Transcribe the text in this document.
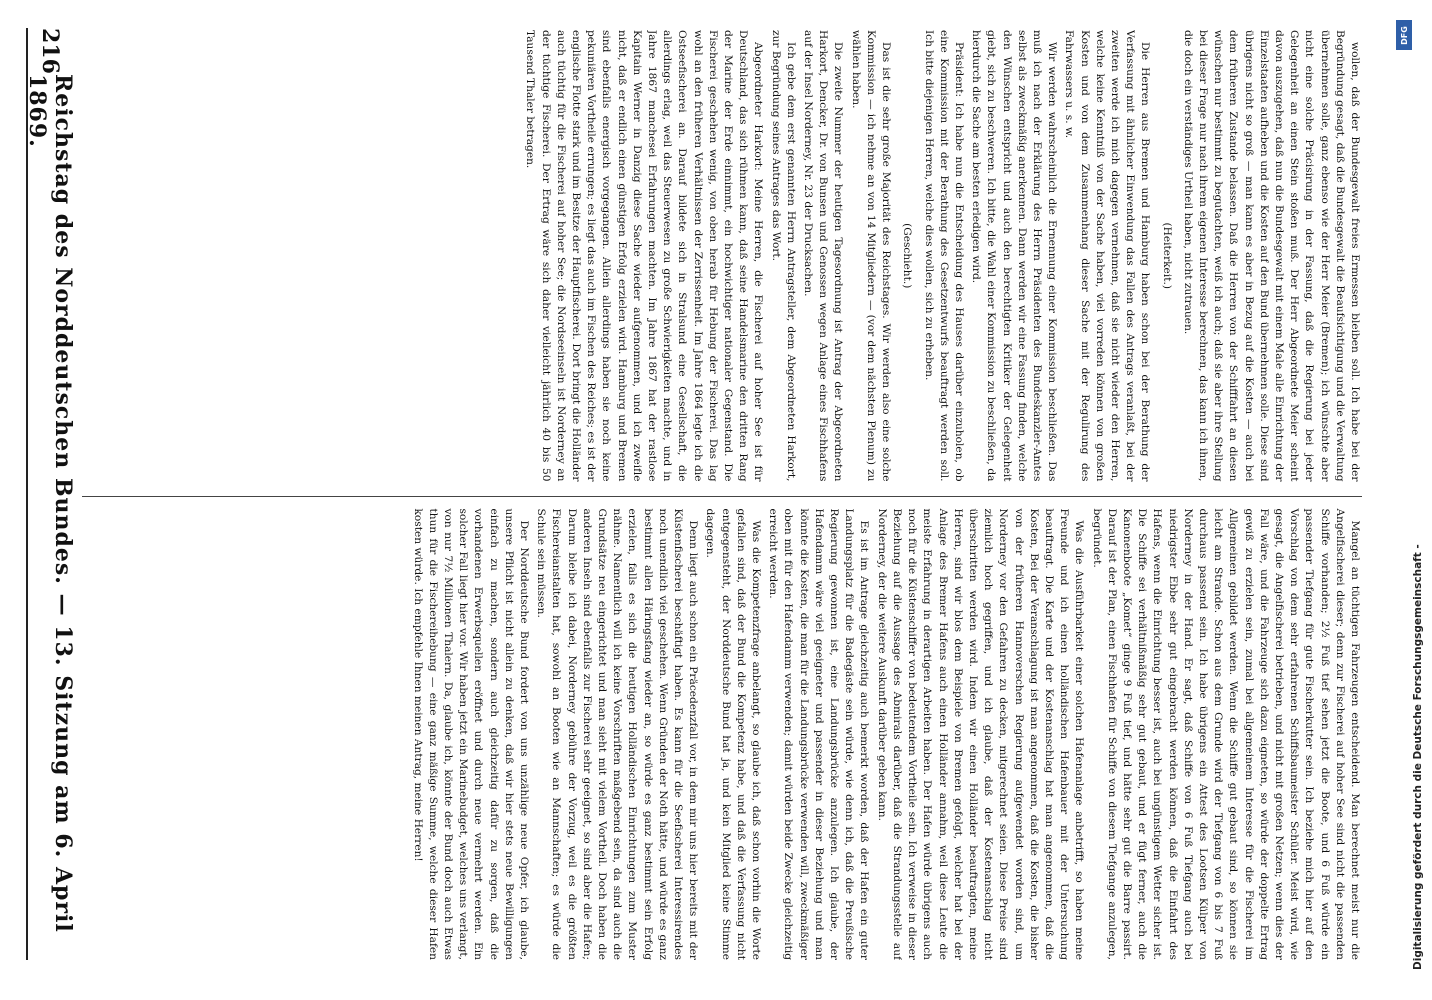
216
Reichstag des Norddeutschen Bundes. — 13. Sitzung am 6. April 1869.	wollen, daß der Bundesgewalt freies Ermessen bleiben soll. Ich habe bei der Begründung gesagt, daß die Bundesgewalt die Beaufsichtigung und die Verwaltung übernehmen solle, ganz ebenso wie der Herr Meier (Bremen); ich wünschte aber nicht eine solche Präcisirung in der Fassung, daß die Regierung bei jeder Gelegenheit an einen Stein stoßen muß. Der Herr Abgeordnete Meier scheint davon auszugehen, daß nun die Bundesgewalt mit einem Male alle Einrichtung der Einzelstaaten aufheben und die Kosten auf den Bund übernehmen solle. Diese sind übrigens nicht so groß — man kann es aber in Bezug auf die Kosten — auch bei dem früheren Zustande belassen. Daß die Herren von der Schifffahrt an diesen wünschen nur bestimmt zu begutachten, weiß ich auch; daß sie aber ihre Stellung bei dieser Frage nur nach ihrem eigenen Interesse berechnen, das kann ich ihnen, die doch ein verständiges Urtheil haben, nicht zutrauen.

(Heiterkeit.)

Die Herren aus Bremen und Hamburg haben schon bei der Berathung der Verfassung mit ähnlicher Einwendung das Fallen des Antrags veranlaßt, bei der zweiten werde ich mich dagegen vernehmen, daß sie nicht wieder den Herren, welche keine Kenntniß von der Sache haben, viel vorreden können von großen Kosten und von dem Zusammenhang dieser Sache mit der Regulirung des Fahrwassers u. s. w.

Wir werden wahrscheinlich die Ernennung einer Kommission beschließen. Das muß ich nach der Erklärung des Herrn Präsidenten des Bundeskanzler-Amtes selbst als zweckmäßig anerkennen. Dann werden wir eine Fassung finden, welche den Wünschen entspricht und auch den berechtigten Kritiker der Gelegenheit giebt, sich zu beschweren. Ich bitte, die Wahl einer Kommission zu beschließen, da hierdurch die Sache am besten erledigen wird.

Präsident: Ich habe nun die Entscheidung des Hauses darüber einzuholen, ob eine Kommission mit der Berathung des Gesetzentwurfs beauftragt werden soll. Ich bitte diejenigen Herren, welche dies wollen, sich zu erheben.

(Geschieht.)

Das ist die sehr große Majorität des Reichstages. Wir werden also eine solche Kommission — ich nehme an von 14 Mitgliedern — (vor dem nächsten Plenum) zu wählen haben.

Die zweite Nummer der heutigen Tagesordnung ist Antrag der Abgeordneten Harkort, Dencker, Dr. von Bunsen und Genossen wegen Anlage eines Fischhafens auf der Insel Norderney, Nr. 23 der Drucksachen.

Ich gebe dem erst genannten Herrn Antragsteller, dem Abgeordneten Harkort, zur Begründung seines Antrages das Wort.

Abgeordneter Harkort: Meine Herren, die Fischerei auf hoher See ist für Deutschland, das sich rühmen kann, daß seine Handelsmarine den dritten Rang der Marine der Erde einnimmt, ein hochwichtiger nationaler Gegenstand. Die Fischerei geschehen wenig, von oben herab für Hebung der Fischerei. Das lag wohl an den früheren Verhältnissen der Zerrissenheit. Im Jahre 1864 legte ich die Ostseefischerei an. Darauf bildete sich in Stralsund eine Gesellschaft, die allerdings erlag, weil das Steuerwesen zu große Schwierigkeiten machte, und in Jahre 1867 manchesei Erfahrungen machten. Im Jahre 1867 hat der rastlose Kapitain Werner in Danzig diese Sache wieder aufgenommen, und ich zweifle nicht, daß er endlich einen günstigen Erfolg erzielen wird. Hamburg und Bremen sind ebenfalls energisch vorgegangen. Allein allerdings haben sie noch keine pekuniären Vortheile errungen; es liegt das auch im Fischen des Reiches; es ist der englische Flotte stark und im Besitze der Hauptfischerei. Dort bringt die Holländer auch tüchtig für die Fischerei auf hoher See; die Nordseeinseln ist Norderney an der tüchtige Fischerei. Der Ertrag wäre sich daher vielleicht jährlich 40 bis 50 Tausend Thaler betragen.

Mangel an tüchtigen Fahrzeugen entscheidend. Man berechnet meist nur die Angelfischerei dieser; denn zur Fischerei auf hoher See sind nicht die passenden Schiffe vorhanden; 2½ Fuß tief sehen jetzt die Boote, und 6 Fuß würde ein passender Tiefgang für gute Fischerkutter sein. Ich beziehe mich hier auf den Vorschlag von dem sehr erfahrenen Schiffsbaumeister Schüler. Meist wird, wie gesagt, die Angelfischerei betrieben, und nicht mit großen Netzen; wenn dies der Fall wäre, und die Fahrzeuge sich dazu eigneten, so würde der doppelte Ertrag gewiß zu erzielen sein, zumal bei allgemeinem Interesse für die Fischerei im Allgemeinen gebildet werden. Wenn die Schiffe gut gebaut sind, so können sie leicht am Strande. Schon aus dem Grunde wird der Tiefgang von 6 bis 7 Fuß durchaus passend sein. Ich habe übrigens ein Attest des Lootsen Külper von Norderney in der Hand. Er sagt, daß Schiffe von 6 Fuß Tiefgang auch bei niedrigster Ebbe sehr gut eingebracht werden können, daß die Einfahrt des Hafens, wenn die Einrichtung besser ist, auch bei ungünstigem Wetter sicher ist. Die Schiffe sei verhältnißmäßig sehr gut gebaut, und er fügt ferner, auch die Kanonenboote „Komet“ ginge 9 Fuß tief, und hätte sehr gut die Barre passirt. Darauf ist der Plan, einen Fischhafen für Schiffe von diesem Tiefgange anzulegen, begründet.

Was die Ausführbarkeit einer solchen Hafenanlage anbetrifft, so haben meine Freunde und ich einen holländischen Hafenbauer mit der Untersuchung beauftragt. Die Karte und der Kostenanschlag hat man angenommen, daß die Kosten, Bei der Veranschlagung ist man angenommen, daß die Kosten, die bisher von der früheren Hannoverschen Regierung aufgewendet worden sind, um Norderney vor den Gefahren zu decken, mitgerechnet seien. Diese Preise sind ziemlich hoch gegriffen, und ich glaube, daß der Kostenanschlag nicht überschritten werden wird. Indem wir einen Holländer beauftragten, meine Herren, sind wir blos dem Beispiele von Bremen gefolgt, welcher hat bei der Anlage des Bremer Hafens auch einen Holländer annahm, weil diese Leute die meiste Erfahrung in derartigen Arbeiten haben. Der Hafen würde übrigens auch noch für die Küstenschiffer von bedeutendem Vortheile sein. Ich verweise in dieser Beziehung auf die Aussage des Abmirals darüber, daß die Strandungsstelle auf Norderney, der die weitere Auskunft darüber geben kann.

Es ist im Antrage gleichzeitig auch bemerkt worden, daß der Hafen ein guter Landungsplatz für die Badegäste sein würde, wie denn ich, daß die Preußische Regierung gewonnen ist, eine Landungsbrücke anzulegen. Ich glaube, der Hafendamm wäre viel geeigneter und passender in dieser Beziehung und man könnte die Kosten, die man für die Landungsbrücke verwenden will, zweckmäßiger oben mit für den Hafendamm verwenden; damit würden beide Zwecke gleichzeitig erreicht werden.

Was die Kompetenzfrage anbelangt, so glaube ich, daß schon vorhin die Worte gefallen sind, daß der Bund die Kompetenz habe, und daß die Verfassung nicht entgegensteht, der Norddeutsche Bund hat ja, und kein Mitglied keine Stimme dagegen.

Denn liegt auch schon ein Präcedenzfall vor, in dem mir uns hier bereits mit der Küstenfischerei beschäftigt haben. Es kann für die Seefischerei Interessirendes noch unendlich viel geschehen. Wenn Gründen der Noth hätte, und würde es ganz bestimmt allen Häringsfang wieder an, so würde es ganz bestimmt sein Erfolg erzielen, falls es sich die heutigen Holländischen Einrichtungen zum Muster nähme. Namentlich will ich keine Vorschriften maßgebend sein, da sind auch die Grundsätze neu eingerichtet und man sieht mit vielem Vortheil. Doch haben die anderen Inseln sind ebenfalls zur Fischerei sehr geeignet, so sind aber die Hafen; Darum bleibe ich dabei, Norderney gebühre der Vorzug, weil es die größten Fischereianstalten hat, sowohl an Booten wie an Mannschaften; es würde die Schule sein müssen.

Der Norddeutsche Bund fordert von uns unzählige neue Opfer, ich glaube, unsere Pflicht ist nicht allein zu denken, daß wir hier stets neue Bewilligungen einfach zu machen, sondern auch gleichzeitig dafür zu sorgen, daß die vorhandenen Erwerbsquellen eröffnet und durch neue vermehrt werden. Ein solcher Fall liegt hier vor. Wir haben jetzt ein Marinebudget, welches uns verlangt, von nur 7½ Millionen Thalern. Da, glaube ich, könnte der Bund doch auch Etwas thun für die Fischereihebung — eine ganz mäßige Summe, welche dieser Hafen kosten würde. Ich empfehle Ihnen meinen Antrag, meine Herren!

DFG
Digitalisierung gefördert durch die Deutsche Forschungsgemeinschaft -
